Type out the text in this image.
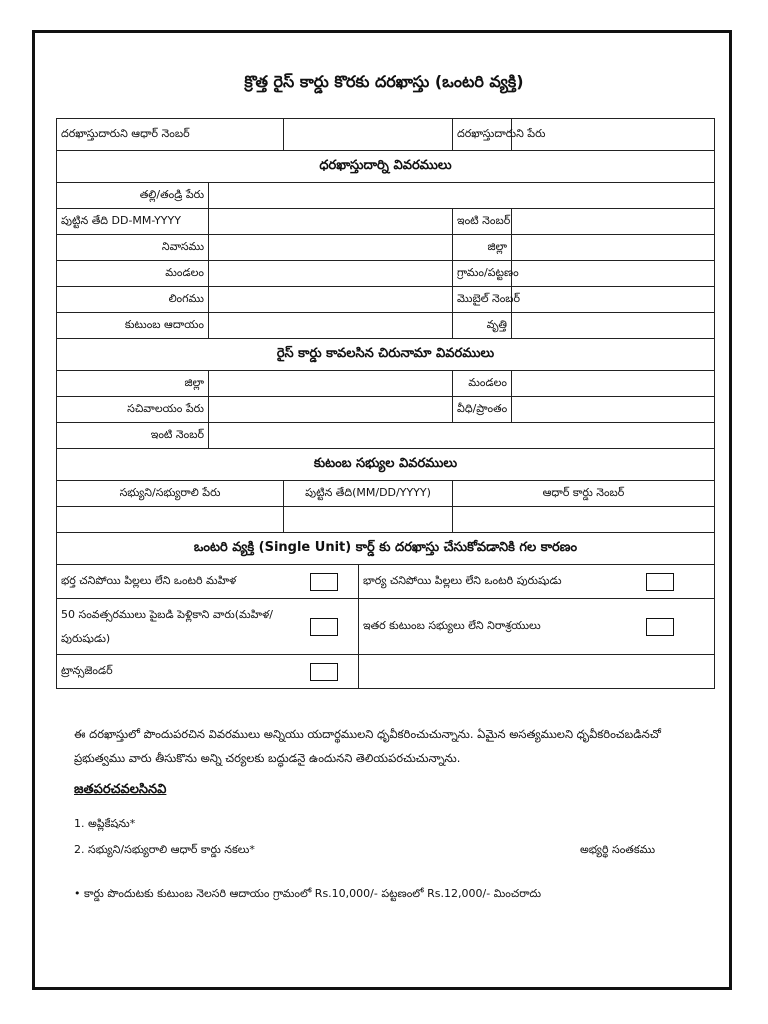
క్రొత్త రైస్ కార్డు కొరకు దరఖాస్తు (ఒంటరి వ్యక్తి)
దరఖాస్తుదారుని ఆధార్ నెంబర్				దరఖాస్తుదారుని పేరు	
ధరఖాస్తుదార్ని వివరములు					
తల్లి/తండ్రి పేరు					
పుట్టిన తేది DD-MM-YYYY				ఇంటి నెంబర్	
నివాసము				జిల్లా	
మండలం				గ్రామం/పట్టణం	
లింగము				మొబైల్ నెంబర్	
కుటుంబ ఆదాయం				వృత్తి	
రైస్ కార్డు కావలసిన చిరునామా వివరములు					
జిల్లా				మండలం	
సచివాలయం పేరు				వీధి/ప్రాంతం	
ఇంటి నెంబర్					
కుటంబ సభ్యుల వివరములు					
సభ్యుని/సభ్యురాలి పేరు		పుట్టిన తేది(MM/DD/YYYY)		ఆధార్ కార్డు నెంబర్	

ఒంటరి వ్యక్తి (Single Unit) కార్డ్ కు దరఖాస్తు చేసుకోవడానికి గల కారణం					

భర్త చనిపోయి పిల్లలు లేని ఒంటరి మహిళ			భార్య చనిపోయి పిల్లలు లేని ఒంటరి పురుషుడు		

50 సంవత్సరములు పైబడి పెళ్లికాని వారు(మహిళ/పురుషుడు)			ఇతర కుటుంబ సభ్యులు లేని నిరాశ్రయులు		

ట్రాన్సజెండర్					

ఈ దరఖాస్తులో పొందుపరచిన వివరములు అన్నియు యదార్థములని ధృవీకరించుచున్నాను. ఏమైన అసత్యములని ధృవీకరించబడినచో ప్రభుత్వము వారు తీసుకొను అన్ని చర్యలకు బద్ధుడనై ఉందునని తెలియపరచుచున్నాను.
జతపరచవలసినవి
1. అప్లికేషను*
2. సభ్యుని/సభ్యురాలి ఆధార్ కార్డు నకలు*	అభ్యర్థి సంతకము
• కార్డు పొందుటకు కుటుంబ నెలసరి ఆదాయం గ్రామంలో Rs.10,000/- పట్టణంలో Rs.12,000/- మించరాదు
